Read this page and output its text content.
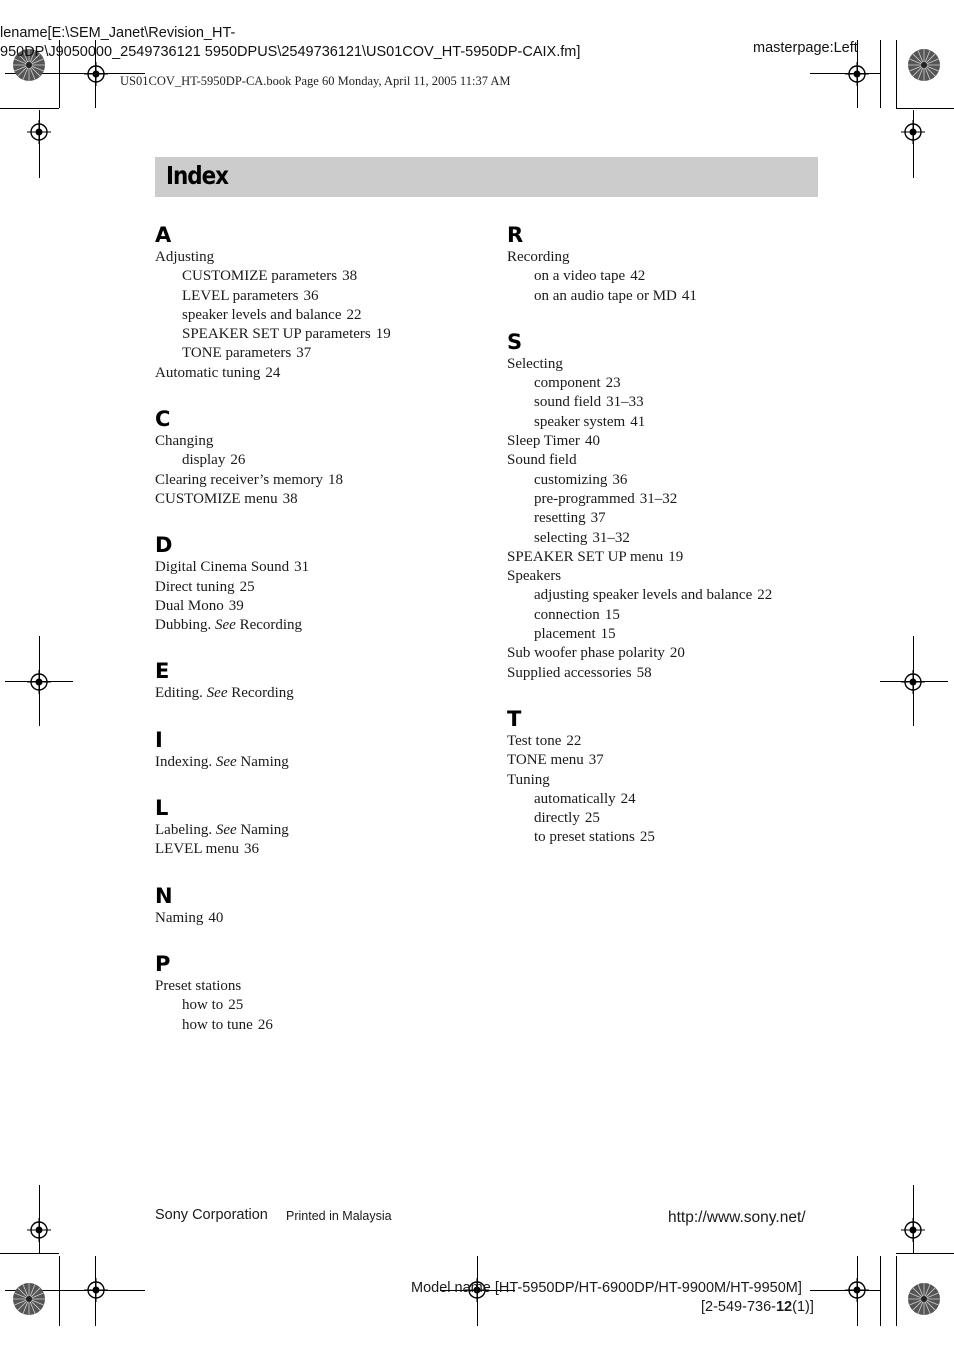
lename[E:\SEM_Janet\Revision_HT-
950DP\J9050000_2549736121 5950DPUS\2549736121\US01COV_HT-5950DP-CAIX.fm]	masterpage:Left
US01COV_HT-5950DP-CA.book Page 60 Monday, April 11, 2005 11:37 AM
Index
A
Adjusting
CUSTOMIZE parameters 38
LEVEL parameters 36
speaker levels and balance 22
SPEAKER SET UP parameters 19
TONE parameters 37
Automatic tuning 24
C
Changing
display 26
Clearing receiver’s memory 18
CUSTOMIZE menu 38
D
Digital Cinema Sound 31
Direct tuning 25
Dual Mono 39
Dubbing. See Recording
E
Editing. See Recording
I
Indexing. See Naming
L
Labeling. See Naming
LEVEL menu 36
N
Naming 40
P
Preset stations
how to 25
how to tune 26
R
Recording
on a video tape 42
on an audio tape or MD 41
S
Selecting
component 23
sound field 31–33
speaker system 41
Sleep Timer 40
Sound field
customizing 36
pre-programmed 31–32
resetting 37
selecting 31–32
SPEAKER SET UP menu 19
Speakers
adjusting speaker levels and balance 22
connection 15
placement 15
Sub woofer phase polarity 20
Supplied accessories 58
T
Test tone 22
TONE menu 37
Tuning
automatically 24
directly 25
to preset stations 25
Sony Corporation Printed in Malaysia	http://www.sony.net/
Model name [HT-5950DP/HT-6900DP/HT-9900M/HT-9950M]
[2-549-736-12(1)]
